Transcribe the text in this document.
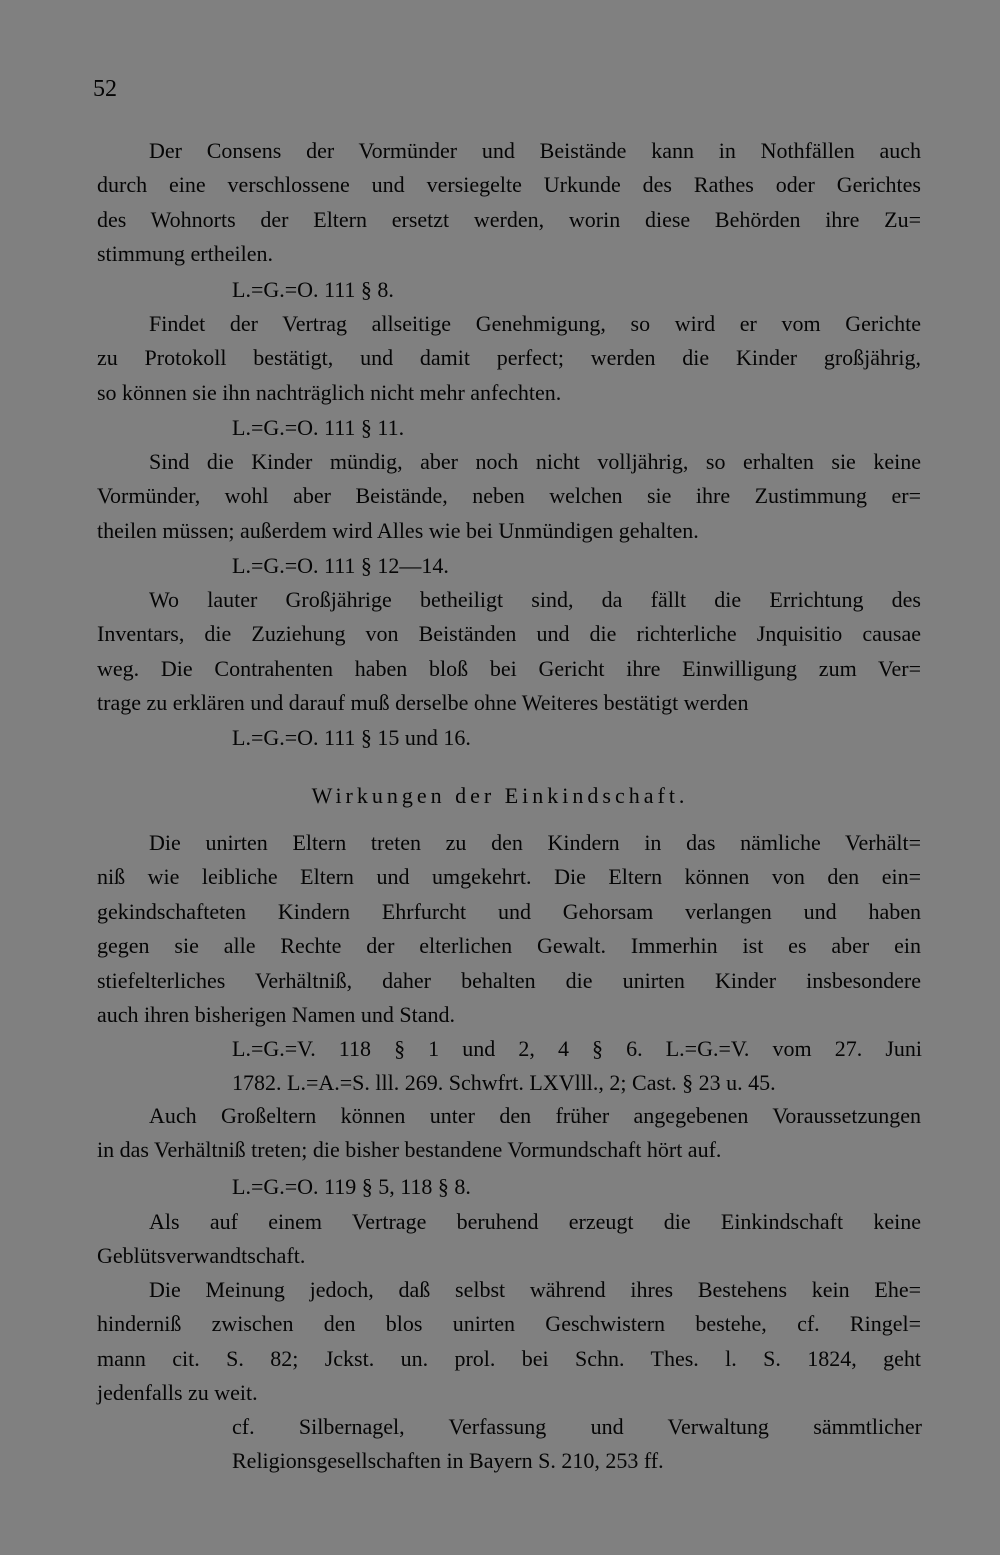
52
Der Consens der Vormünder und Beistände kann in Nothfällen auch
durch eine verschlossene und versiegelte Urkunde des Rathes oder Gerichtes
des Wohnorts der Eltern ersetzt werden, worin diese Behörden ihre Zu=
stimmung ertheilen.
L.=G.=O. 111 § 8.
Findet der Vertrag allseitige Genehmigung, so wird er vom Gerichte
zu Protokoll bestätigt, und damit perfect; werden die Kinder großjährig,
so können sie ihn nachträglich nicht mehr anfechten.
L.=G.=O. 111 § 11.
Sind die Kinder mündig, aber noch nicht volljährig, so erhalten sie keine
Vormünder, wohl aber Beistände, neben welchen sie ihre Zustimmung er=
theilen müssen; außerdem wird Alles wie bei Unmündigen gehalten.
L.=G.=O. 111 § 12—14.
Wo lauter Großjährige betheiligt sind, da fällt die Errichtung des
Inventars, die Zuziehung von Beiständen und die richterliche Jnquisitio causae
weg. Die Contrahenten haben bloß bei Gericht ihre Einwilligung zum Ver=
trage zu erklären und darauf muß derselbe ohne Weiteres bestätigt werden
L.=G.=O. 111 § 15 und 16.
Wirkungen der Einkindschaft.
Die unirten Eltern treten zu den Kindern in das nämliche Verhält=
niß wie leibliche Eltern und umgekehrt. Die Eltern können von den ein=
gekindschafteten Kindern Ehrfurcht und Gehorsam verlangen und haben
gegen sie alle Rechte der elterlichen Gewalt. Immerhin ist es aber ein
stiefelterliches Verhältniß, daher behalten die unirten Kinder insbesondere
auch ihren bisherigen Namen und Stand.
L.=G.=V. 118 § 1 und 2, 4 § 6. L.=G.=V. vom 27. Juni
1782. L.=A.=S. lll. 269. Schwfrt. LXVlll., 2; Cast. § 23 u. 45.
Auch Großeltern können unter den früher angegebenen Voraussetzungen
in das Verhältniß treten; die bisher bestandene Vormundschaft hört auf.
L.=G.=O. 119 § 5, 118 § 8.
Als auf einem Vertrage beruhend erzeugt die Einkindschaft keine
Geblütsverwandtschaft.
Die Meinung jedoch, daß selbst während ihres Bestehens kein Ehe=
hinderniß zwischen den blos unirten Geschwistern bestehe, cf. Ringel=
mann cit. S. 82; Jckst. un. prol. bei Schn. Thes. l. S. 1824, geht
jedenfalls zu weit.
cf. Silbernagel, Verfassung und Verwaltung sämmtlicher
Religionsgesellschaften in Bayern S. 210, 253 ff.
